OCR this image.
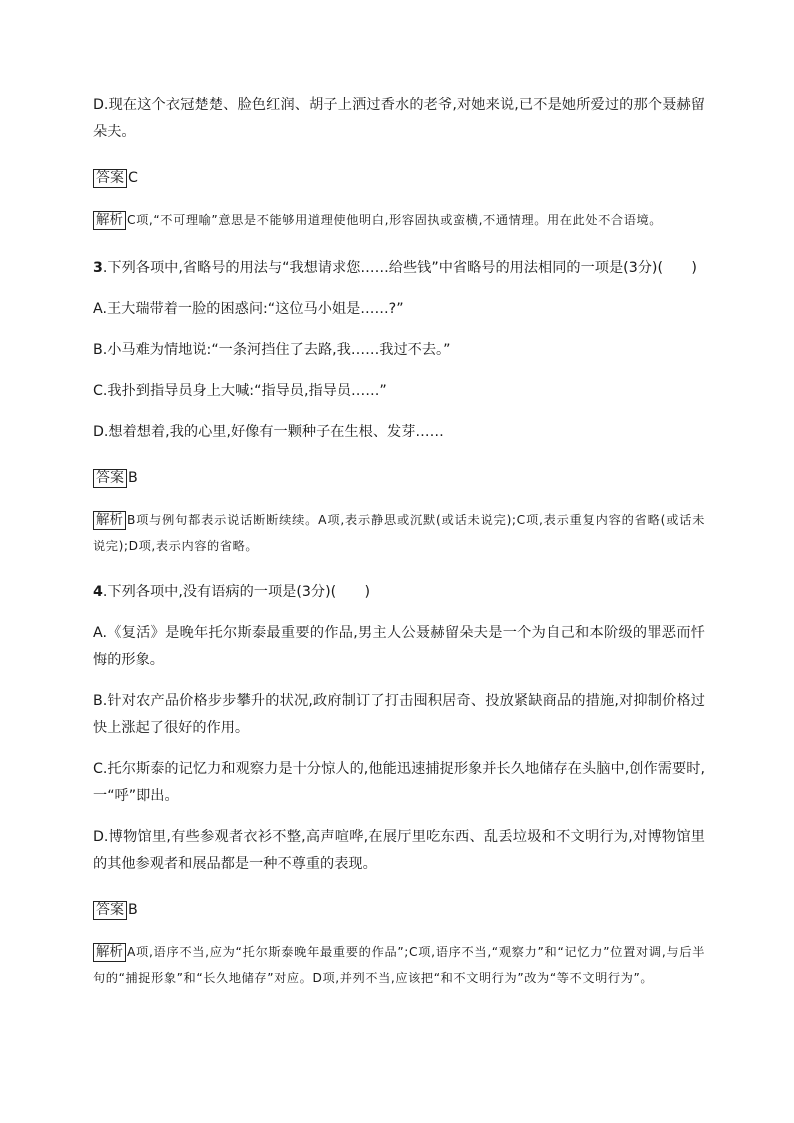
D.现在这个衣冠楚楚、脸色红润、胡子上洒过香水的老爷,对她来说,已不是她所爱过的那个聂赫留朵夫。

答案 C

解析 C项,“不可理喻”意思是不能够用道理使他明白,形容固执或蛮横,不通情理。用在此处不合语境。

3.下列各项中,省略号的用法与“我想请求您……给些钱”中省略号的用法相同的一项是(3分)(　　)

A.王大瑞带着一脸的困惑问:“这位马小姐是……?”

B.小马难为情地说:“一条河挡住了去路,我……我过不去。”

C.我扑到指导员身上大喊:“指导员,指导员……”

D.想着想着,我的心里,好像有一颗种子在生根、发芽……

答案 B

解析 B项与例句都表示说话断断续续。A项,表示静思或沉默(或话未说完);C项,表示重复内容的省略(或话未说完);D项,表示内容的省略。

4.下列各项中,没有语病的一项是(3分)(　　)

A.《复活》是晚年托尔斯泰最重要的作品,男主人公聂赫留朵夫是一个为自己和本阶级的罪恶而忏悔的形象。

B.针对农产品价格步步攀升的状况,政府制订了打击囤积居奇、投放紧缺商品的措施,对抑制价格过快上涨起了很好的作用。

C.托尔斯泰的记忆力和观察力是十分惊人的,他能迅速捕捉形象并长久地储存在头脑中,创作需要时,一“呼”即出。

D.博物馆里,有些参观者衣衫不整,高声喧哗,在展厅里吃东西、乱丢垃圾和不文明行为,对博物馆里的其他参观者和展品都是一种不尊重的表现。

答案 B

解析 A项,语序不当,应为“托尔斯泰晚年最重要的作品”;C项,语序不当,“观察力”和“记忆力”位置对调,与后半句的“捕捉形象”和“长久地储存”对应。D项,并列不当,应该把“和不文明行为”改为“等不文明行为”。
